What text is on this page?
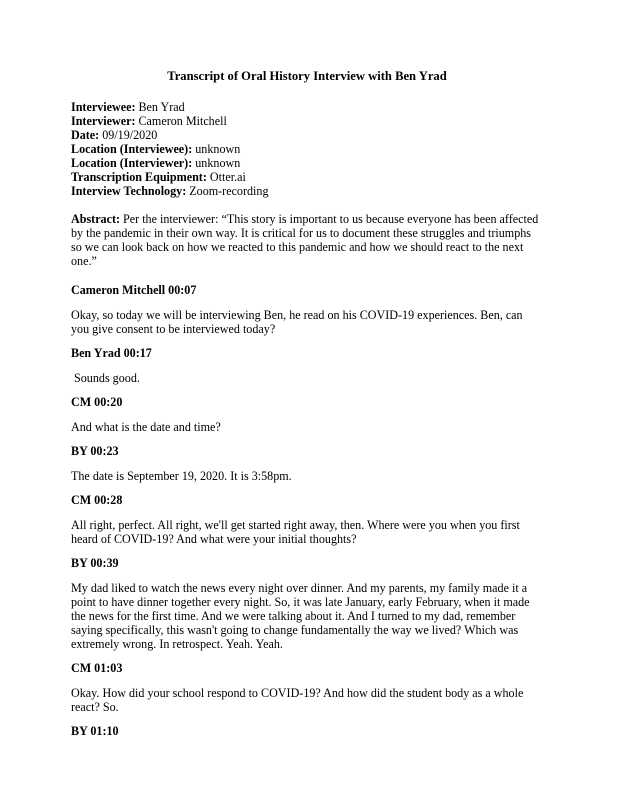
Transcript of Oral History Interview with Ben Yrad

Interviewee: Ben Yrad

Interviewer: Cameron Mitchell

Date: 09/19/2020

Location (Interviewee): unknown

Location (Interviewer): unknown

Transcription Equipment: Otter.ai

Interview Technology: Zoom-recording

Abstract: Per the interviewer: “This story is important to us because everyone has been affected by the pandemic in their own way. It is critical for us to document these struggles and triumphs so we can look back on how we reacted to this pandemic and how we should react to the next one.”

Cameron Mitchell 00:07

Okay, so today we will be interviewing Ben, he read on his COVID-19 experiences. Ben, can you give consent to be interviewed today?

Ben Yrad 00:17

Sounds good.

CM 00:20

And what is the date and time?

BY 00:23

The date is September 19, 2020. It is 3:58pm.

CM 00:28

All right, perfect. All right, we'll get started right away, then. Where were you when you first heard of COVID-19? And what were your initial thoughts?

BY 00:39

My dad liked to watch the news every night over dinner. And my parents, my family made it a point to have dinner together every night. So, it was late January, early February, when it made the news for the first time. And we were talking about it. And I turned to my dad, remember saying specifically, this wasn't going to change fundamentally the way we lived? Which was extremely wrong. In retrospect. Yeah. Yeah.

CM 01:03

Okay. How did your school respond to COVID-19? And how did the student body as a whole react? So.

BY 01:10
